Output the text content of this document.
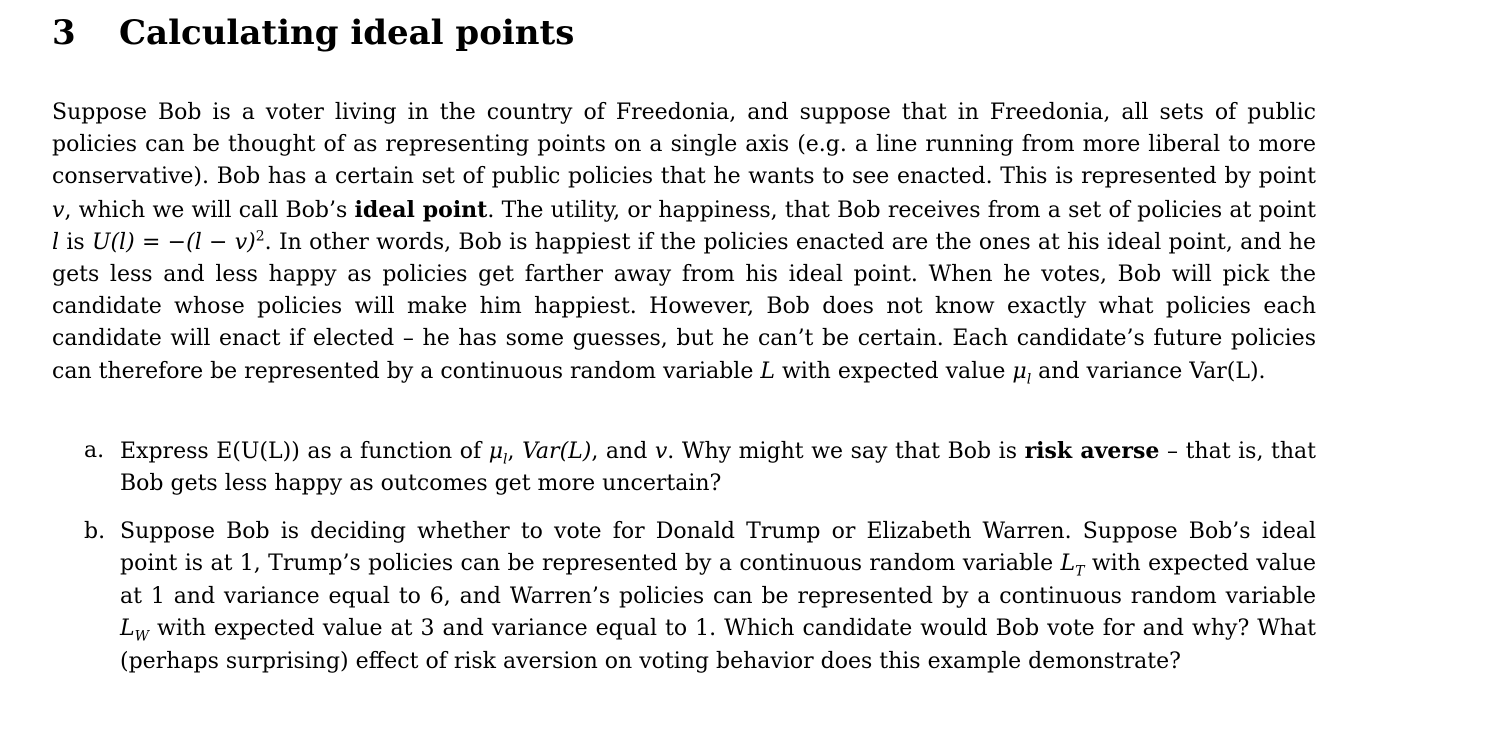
3 Calculating ideal points

Suppose Bob is a voter living in the country of Freedonia, and suppose that in Freedonia, all sets of public policies can be thought of as representing points on a single axis (e.g. a line running from more liberal to more conservative). Bob has a certain set of public policies that he wants to see enacted. This is represented by point v, which we will call Bob’s ideal point. The utility, or happiness, that Bob receives from a set of policies at point l is $U(l) = -(l - v)^2$. In other words, Bob is happiest if the policies enacted are the ones at his ideal point, and he gets less and less happy as policies get farther away from his ideal point. When he votes, Bob will pick the candidate whose policies will make him happiest. However, Bob does not know exactly what policies each candidate will enact if elected – he has some guesses, but he can’t be certain. Each candidate’s future policies can therefore be represented by a continuous random variable L with expected value $\mu_l$ and variance Var(L).

a. Express E(U(L)) as a function of $\mu_l$, Var(L), and v. Why might we say that Bob is risk averse – that is, that Bob gets less happy as outcomes get more uncertain?
b. Suppose Bob is deciding whether to vote for Donald Trump or Elizabeth Warren. Suppose Bob’s ideal point is at 1, Trump’s policies can be represented by a continuous random variable $L_T$ with expected value at 1 and variance equal to 6, and Warren’s policies can be represented by a continuous random variable $L_W$ with expected value at 3 and variance equal to 1. Which candidate would Bob vote for and why? What (perhaps surprising) effect of risk aversion on voting behavior does this example demonstrate?
